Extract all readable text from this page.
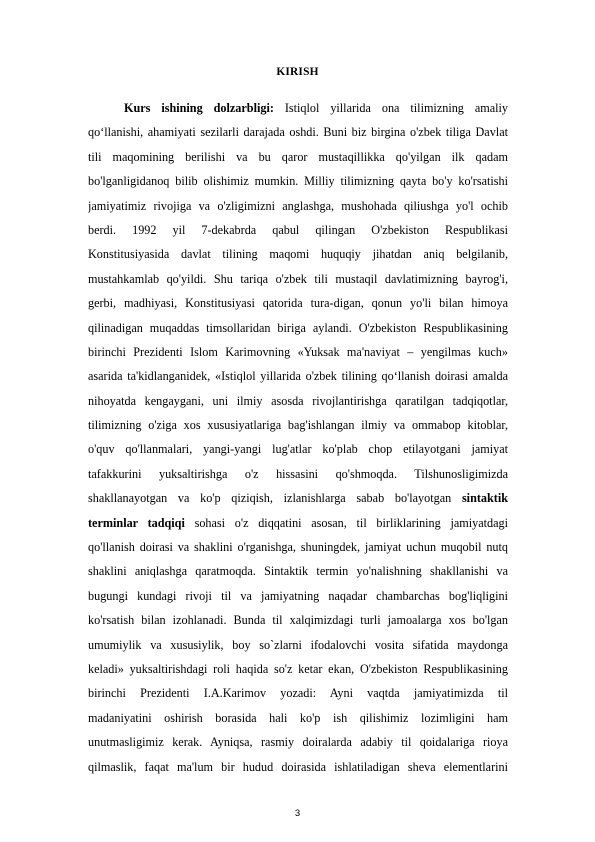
KIRISH
Kurs ishining dolzarbligi: Istiqlol yillarida ona tilimizning amaliy
qo‘llanishi, ahamiyati sezilarli darajada oshdi. Buni biz birgina o'zbek tiliga Davlat
tili maqomining berilishi va bu qaror mustaqillikka qo'yilgan ilk qadam
bo'lganligidanoq bilib olishimiz mumkin. Milliy tilimizning qayta bo'y ko'rsatishi
jamiyatimiz rivojiga va o'zligimizni anglashga, mushohada qiliushga yo'l ochib
berdi. 1992 yil 7-dekabrda qabul qilingan O'zbekiston Respublikasi
Konstitusiyasida davlat tilining maqomi huquqiy jihatdan aniq belgilanib,
mustahkamlab qo'yildi. Shu tariqa o'zbek tili mustaqil davlatimizning bayrog'i,
gerbi, madhiyasi, Konstitusiyasi qatorida tura-digan, qonun yo'li bilan himoya
qilinadigan muqaddas timsollaridan biriga aylandi. O'zbekiston Respublikasining
birinchi Prezidenti Islom Karimovning «Yuksak ma'naviyat – yengilmas kuch»
asarida ta'kidlanganidek, «Istiqlol yillarida o'zbek tilining qo‘llanish doirasi amalda
nihoyatda kengaygani, uni ilmiy asosda rivojlantirishga qaratilgan tadqiqotlar,
tilimizning o'ziga xos xususiyatlariga bag'ishlangan ilmiy va ommabop kitoblar,
o'quv qo'llanmalari, yangi-yangi lug'atlar ko'plab chop etilayotgani jamiyat
tafakkurini yuksaltirishga o'z hissasini qo'shmoqda. Tilshunosligimizda
shakllanayotgan va ko'p qiziqish, izlanishlarga sabab bo'layotgan sintaktik
terminlar tadqiqi sohasi o'z diqqatini asosan, til birliklarining jamiyatdagi
qo'llanish doirasi va shaklini o'rganishga, shuningdek, jamiyat uchun muqobil nutq
shaklini aniqlashga qaratmoqda. Sintaktik termin yo'nalishning shakllanishi va
bugungi kundagi rivoji til va jamiyatning naqadar chambarchas bog'liqligini
ko'rsatish bilan izohlanadi. Bunda til xalqimizdagi turli jamoalarga xos bo'lgan
umumiylik va xususiylik, boy so`zlarni ifodalovchi vosita sifatida maydonga
keladi» yuksaltirishdagi roli haqida so'z ketar ekan, O'zbekiston Respublikasining
birinchi Prezidenti I.A.Karimov yozadi: Ayni vaqtda jamiyatimizda til
madaniyatini oshirish borasida hali ko'p ish qilishimiz lozimligini ham
unutmasligimiz kerak. Ayniqsa, rasmiy doiralarda adabiy til qoidalariga rioya
qilmaslik, faqat ma'lum bir hudud doirasida ishlatiladigan sheva elementlarini
3
